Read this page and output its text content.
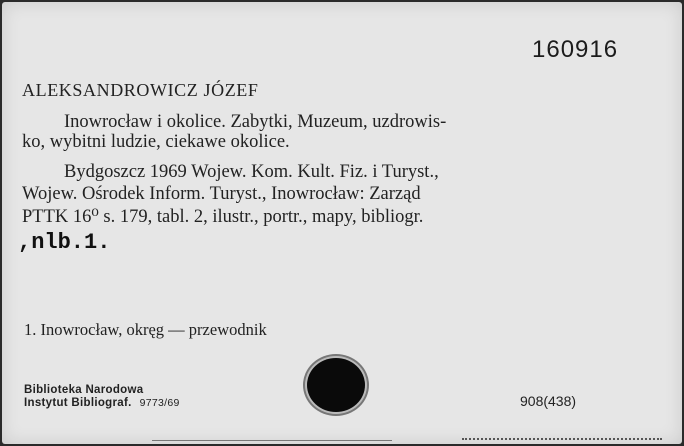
160916
ALEKSANDROWICZ JÓZEF
Inowrocław i okolice. Zabytki, Muzeum, uzdrowis-
ko, wybitni ludzie, ciekawe okolice.
Bydgoszcz 1969 Wojew. Kom. Kult. Fiz. i Turyst.,
Wojew. Ośrodek Inform. Turyst., Inowrocław: Zarząd
PTTK 16⁰ s. 179, tabl. 2, ilustr., portr., mapy, bibliogr.
,nlb.1.
1. Inowrocław, okręg — przewodnik
Biblioteka Narodowa
Instytut Bibliograf. 9773/69	908(438)
